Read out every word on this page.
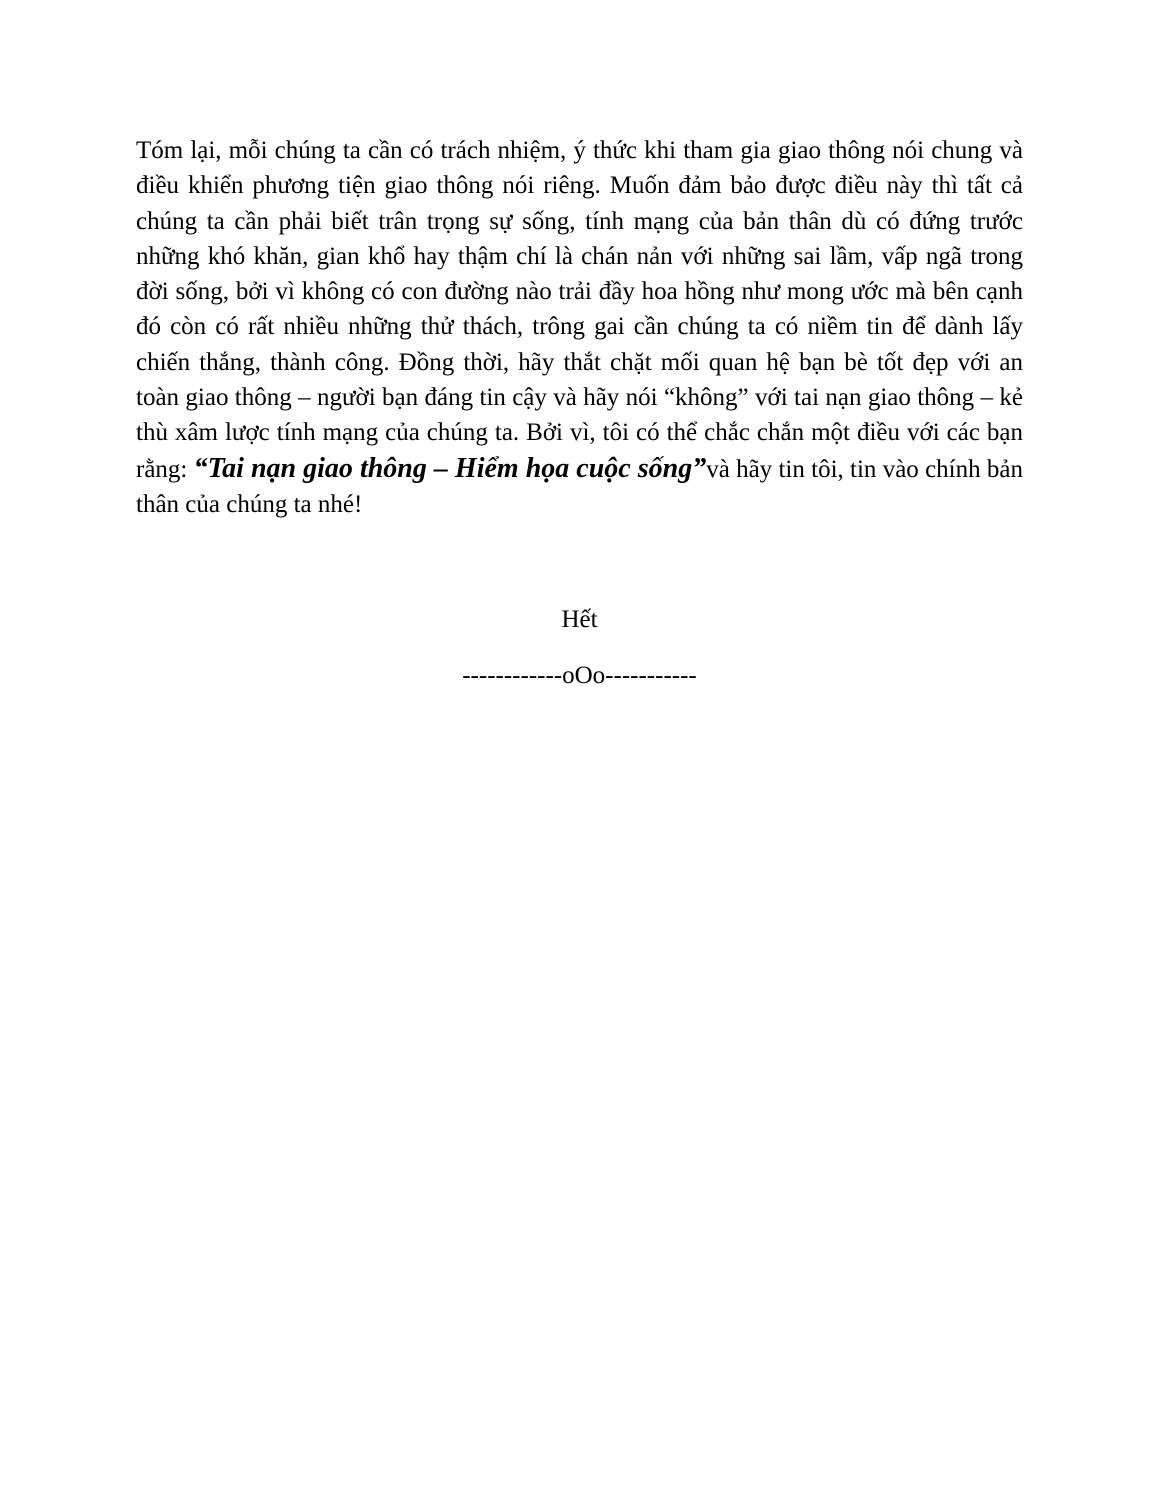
Tóm lại, mỗi chúng ta cần có trách nhiệm, ý thức khi tham gia giao thông nói chung và điều khiển phương tiện giao thông nói riêng. Muốn đảm bảo được điều này thì tất cả chúng ta cần phải biết trân trọng sự sống, tính mạng của bản thân dù có đứng trước những khó khăn, gian khổ hay thậm chí là chán nản với những sai lầm, vấp ngã trong đời sống, bởi vì không có con đường nào trải đầy hoa hồng như mong ước mà bên cạnh đó còn có rất nhiều những thử thách, trông gai cần chúng ta có niềm tin để dành lấy chiến thắng, thành công. Đồng thời, hãy thắt chặt mối quan hệ bạn bè tốt đẹp với an toàn giao thông – người bạn đáng tin cậy và hãy nói “không” với tai nạn giao thông – kẻ thù xâm lược tính mạng của chúng ta. Bởi vì, tôi có thể chắc chắn một điều với các bạn rằng: “Tai nạn giao thông – Hiểm họa cuộc sống”và hãy tin tôi, tin vào chính bản thân của chúng ta nhé!

Hết

------------oOo-----------
